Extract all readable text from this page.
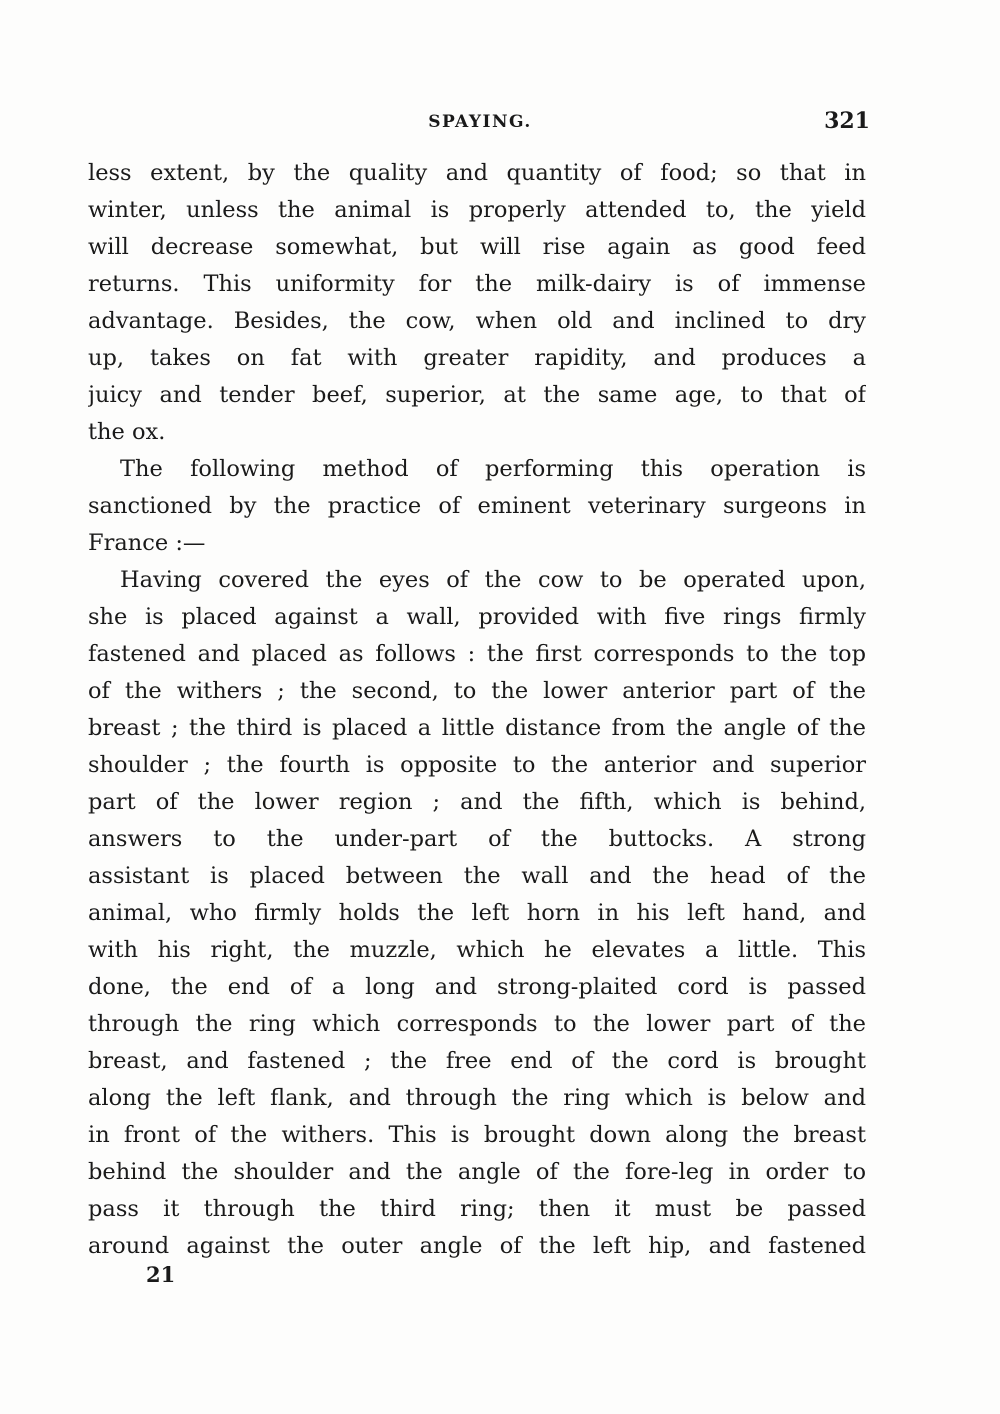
SPAYING.	321
less extent, by the quality and quantity of food; so that in
winter, unless the animal is properly attended to, the yield
will decrease somewhat, but will rise again as good feed
returns. This uniformity for the milk-dairy is of immense
advantage. Besides, the cow, when old and inclined to dry
up, takes on fat with greater rapidity, and produces a
juicy and tender beef, superior, at the same age, to that of
the ox.
The following method of performing this operation is
sanctioned by the practice of eminent veterinary surgeons in
France :—
Having covered the eyes of the cow to be operated upon,
she is placed against a wall, provided with five rings firmly
fastened and placed as follows : the first corresponds to the top
of the withers ; the second, to the lower anterior part of the
breast ; the third is placed a little distance from the angle of the
shoulder ; the fourth is opposite to the anterior and superior
part of the lower region ; and the fifth, which is behind,
answers to the under-part of the buttocks. A strong
assistant is placed between the wall and the head of the
animal, who firmly holds the left horn in his left hand, and
with his right, the muzzle, which he elevates a little. This
done, the end of a long and strong-plaited cord is passed
through the ring which corresponds to the lower part of the
breast, and fastened ; the free end of the cord is brought
along the left flank, and through the ring which is below and
in front of the withers. This is brought down along the breast
behind the shoulder and the angle of the fore-leg in order to
pass it through the third ring; then it must be passed
around against the outer angle of the left hip, and fastened
21
